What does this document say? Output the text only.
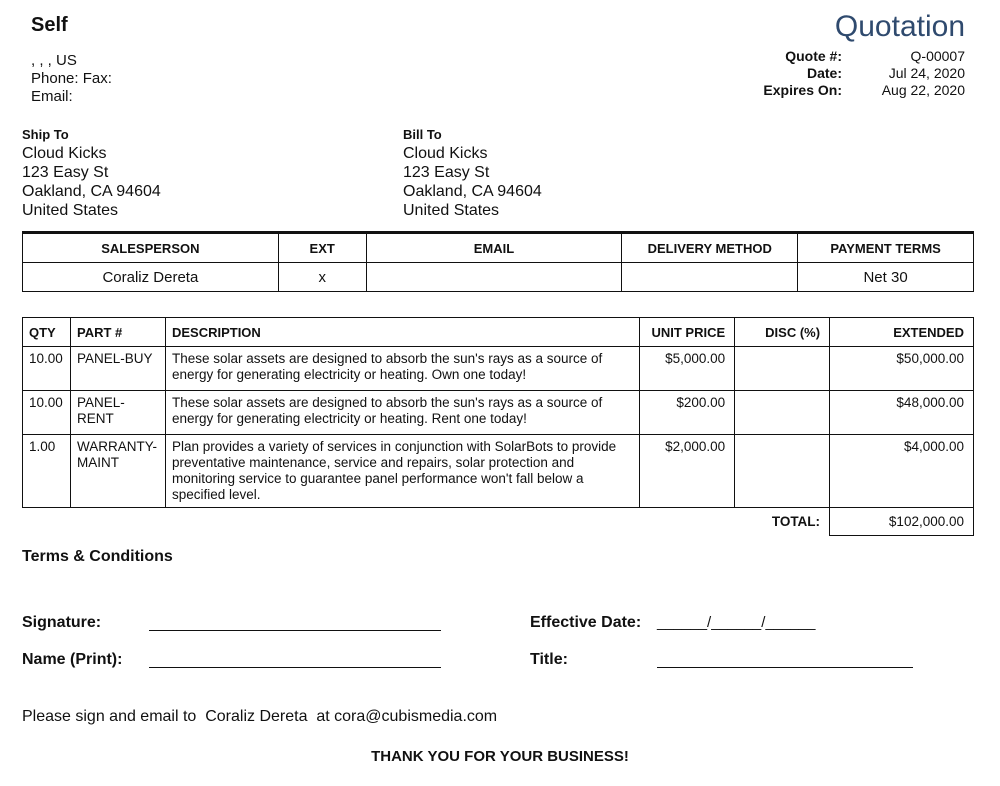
Self
, , , US
Phone: Fax:
Email:
Quotation
Quote #:	Q-00007
Date:	Jul 24, 2020
Expires On:	Aug 22, 2020
Ship To
Cloud Kicks
123 Easy St
Oakland, CA 94604
United States
Bill To
Cloud Kicks
123 Easy St
Oakland, CA 94604
United States
SALESPERSON	EXT	EMAIL	DELIVERY METHOD	PAYMENT TERMS
Coraliz Dereta	x			Net 30
QTY	PART #	DESCRIPTION	UNIT PRICE	DISC (%)	EXTENDED
10.00	PANEL-BUY	These solar assets are designed to absorb the sun's rays as a source of energy for generating electricity or heating. Own one today!	$5,000.00		$50,000.00
10.00	PANEL-RENT	These solar assets are designed to absorb the sun's rays as a source of energy for generating electricity or heating. Rent one today!	$200.00		$48,000.00
1.00	WARRANTY-MAINT	Plan provides a variety of services in conjunction with SolarBots to provide preventative maintenance, service and repairs, solar protection and monitoring service to guarantee panel performance won't fall below a specified level.	$2,000.00		$4,000.00
				TOTAL:	$102,000.00
Terms & Conditions
Signature:
Name (Print):
Effective Date: ______/______/______
Title:
Please sign and email to  Coraliz Dereta  at cora@cubismedia.com
THANK YOU FOR YOUR BUSINESS!
